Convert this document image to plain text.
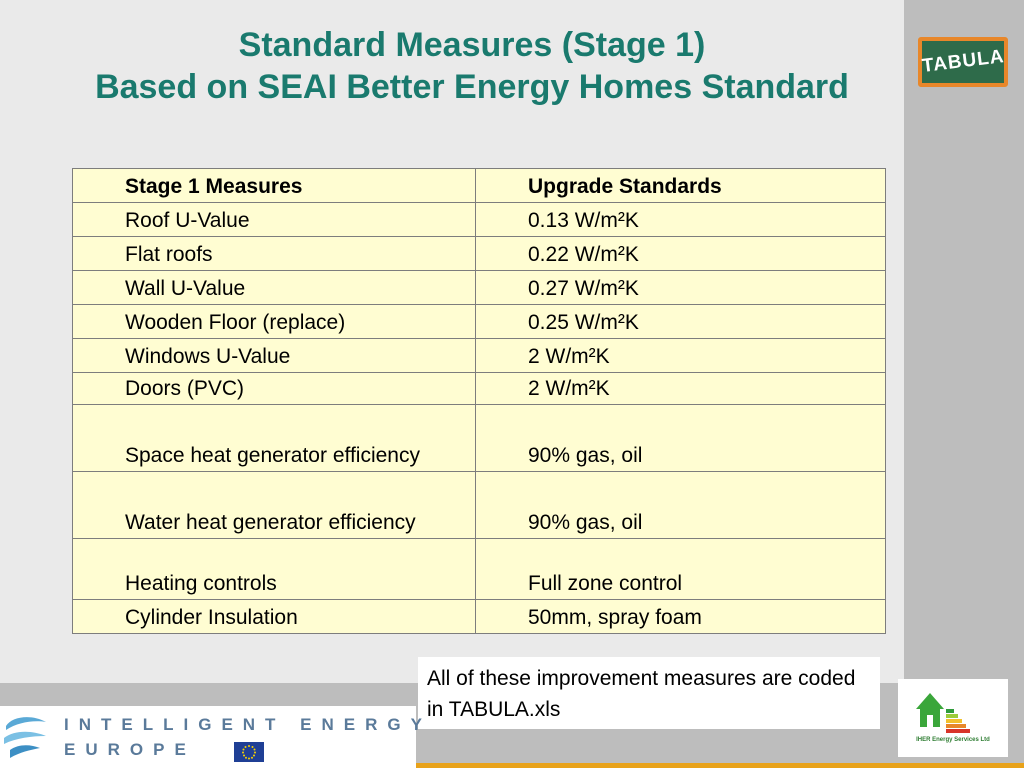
Standard Measures (Stage 1)
Based on SEAI Better Energy Homes Standard
TABULA
Stage 1 Measures	Upgrade Standards
Roof U-Value	0.13 W/m²K
Flat roofs	0.22 W/m²K
Wall U-Value	0.27 W/m²K
Wooden Floor (replace)	0.25 W/m²K
Windows U-Value	2 W/m²K
Doors (PVC)	2 W/m²K
Space heat generator efficiency	90% gas, oil
Water heat generator efficiency	90% gas, oil
Heating controls	Full zone control
Cylinder Insulation	50mm, spray foam
All of these improvement measures are coded in TABULA.xls
INTELLIGENT ENERGY
EUROPE	IHER Energy Services Ltd
